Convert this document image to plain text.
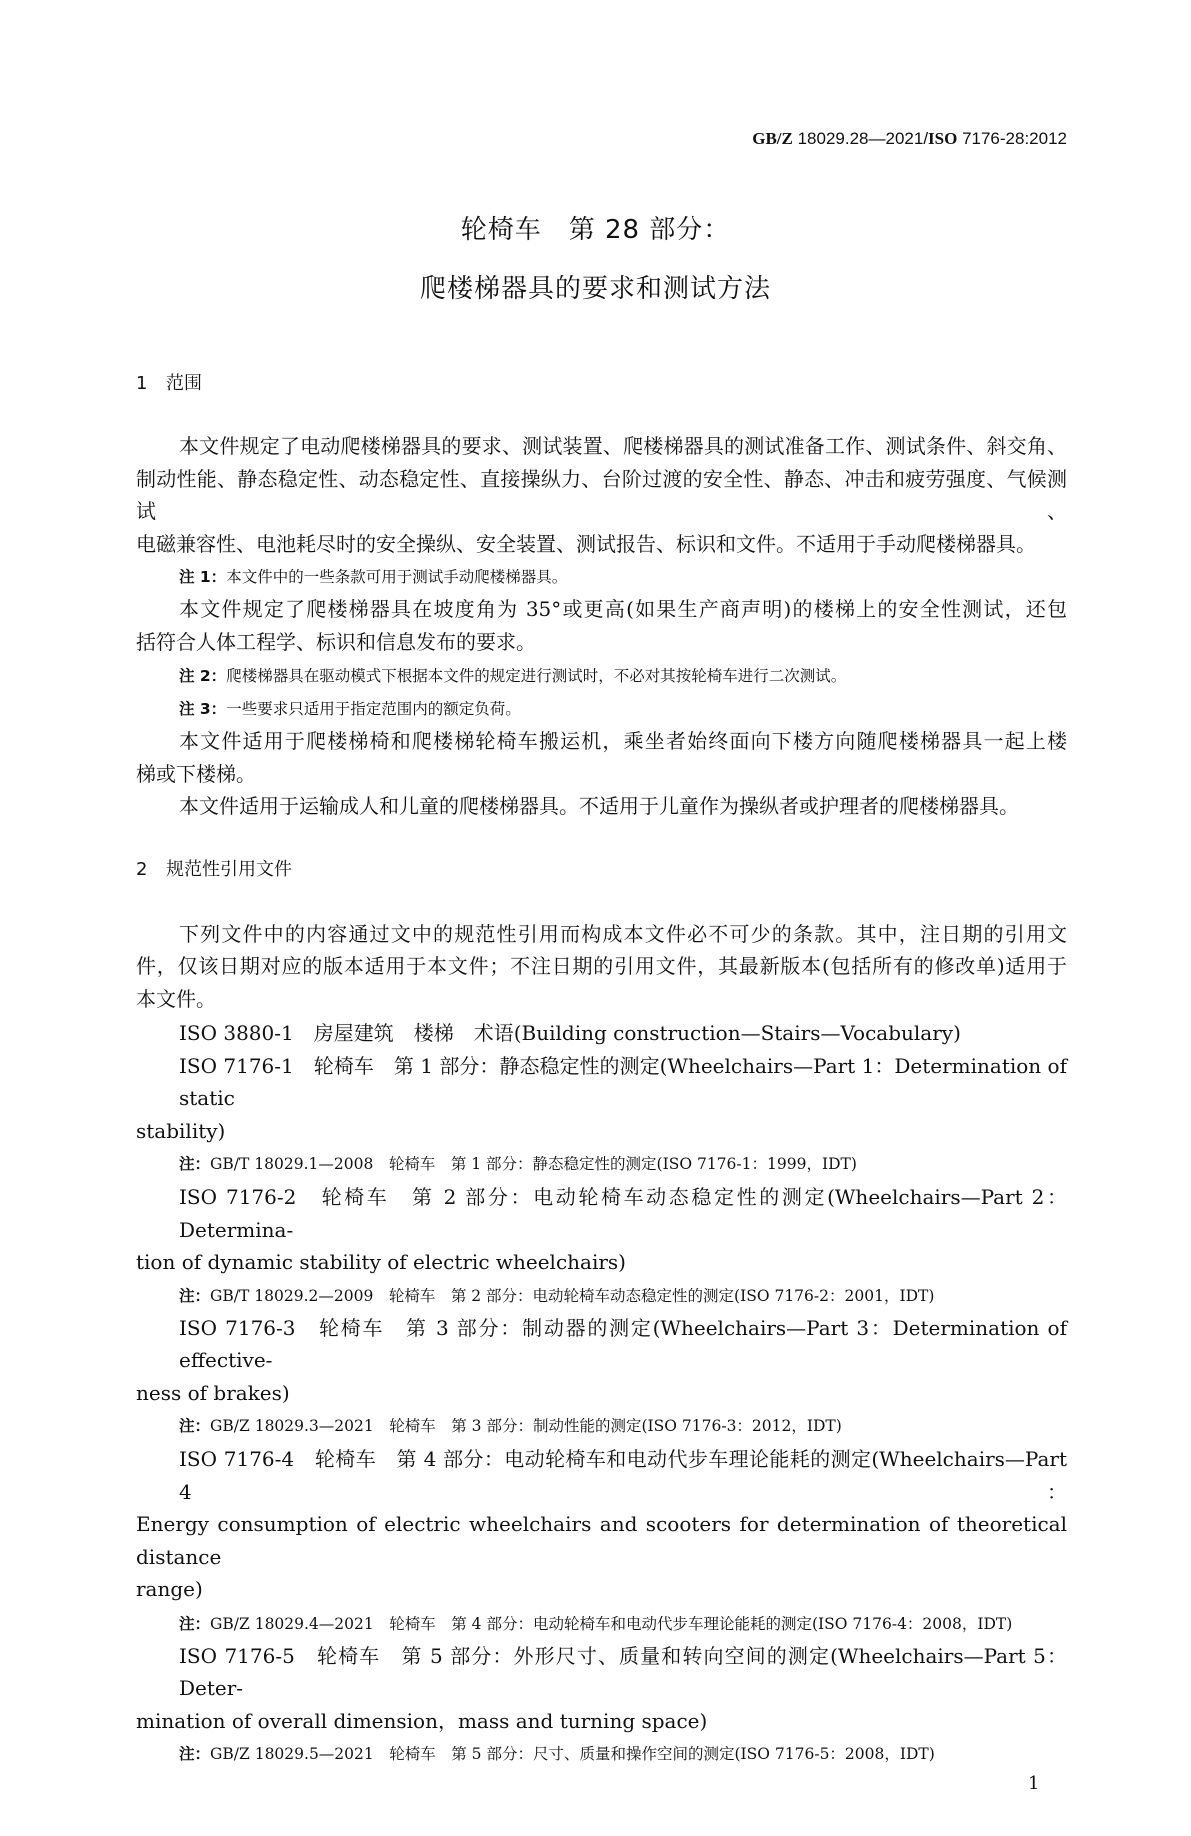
GB/Z 18029.28—2021/ISO 7176-28:2012
轮椅车　第 28 部分：
爬楼梯器具的要求和测试方法
1 范围
本文件规定了电动爬楼梯器具的要求、测试装置、爬楼梯器具的测试准备工作、测试条件、斜交角、
制动性能、静态稳定性、动态稳定性、直接操纵力、台阶过渡的安全性、静态、冲击和疲劳强度、气候测试、
电磁兼容性、电池耗尽时的安全操纵、安全装置、测试报告、标识和文件。不适用于手动爬楼梯器具。
注 1：本文件中的一些条款可用于测试手动爬楼梯器具。
本文件规定了爬楼梯器具在坡度角为 35°或更高(如果生产商声明)的楼梯上的安全性测试，还包
括符合人体工程学、标识和信息发布的要求。
注 2：爬楼梯器具在驱动模式下根据本文件的规定进行测试时，不必对其按轮椅车进行二次测试。
注 3：一些要求只适用于指定范围内的额定负荷。
本文件适用于爬楼梯椅和爬楼梯轮椅车搬运机，乘坐者始终面向下楼方向随爬楼梯器具一起上楼
梯或下楼梯。
本文件适用于运输成人和儿童的爬楼梯器具。不适用于儿童作为操纵者或护理者的爬楼梯器具。
2 规范性引用文件
下列文件中的内容通过文中的规范性引用而构成本文件必不可少的条款。其中，注日期的引用文
件，仅该日期对应的版本适用于本文件；不注日期的引用文件，其最新版本(包括所有的修改单)适用于
本文件。
ISO 3880-1　房屋建筑　楼梯　术语(Building construction—Stairs—Vocabulary)
ISO 7176-1　轮椅车　第 1 部分：静态稳定性的测定(Wheelchairs—Part 1：Determination of static
stability)
注：GB/T 18029.1—2008　轮椅车　第 1 部分：静态稳定性的测定(ISO 7176-1：1999，IDT)
ISO 7176-2　轮椅车　第 2 部分：电动轮椅车动态稳定性的测定(Wheelchairs—Part 2：Determina-
tion of dynamic stability of electric wheelchairs)
注：GB/T 18029.2—2009　轮椅车　第 2 部分：电动轮椅车动态稳定性的测定(ISO 7176-2：2001，IDT)
ISO 7176-3　轮椅车　第 3 部分：制动器的测定(Wheelchairs—Part 3：Determination of effective-
ness of brakes)
注：GB/Z 18029.3—2021　轮椅车　第 3 部分：制动性能的测定(ISO 7176-3：2012，IDT)
ISO 7176-4　轮椅车　第 4 部分：电动轮椅车和电动代步车理论能耗的测定(Wheelchairs—Part 4：
Energy consumption of electric wheelchairs and scooters for determination of theoretical distance
range)
注：GB/Z 18029.4—2021　轮椅车　第 4 部分：电动轮椅车和电动代步车理论能耗的测定(ISO 7176-4：2008，IDT)
ISO 7176-5　轮椅车　第 5 部分：外形尺寸、质量和转向空间的测定(Wheelchairs—Part 5：Deter-
mination of overall dimension，mass and turning space)
注：GB/Z 18029.5—2021　轮椅车　第 5 部分：尺寸、质量和操作空间的测定(ISO 7176-5：2008，IDT)
1
